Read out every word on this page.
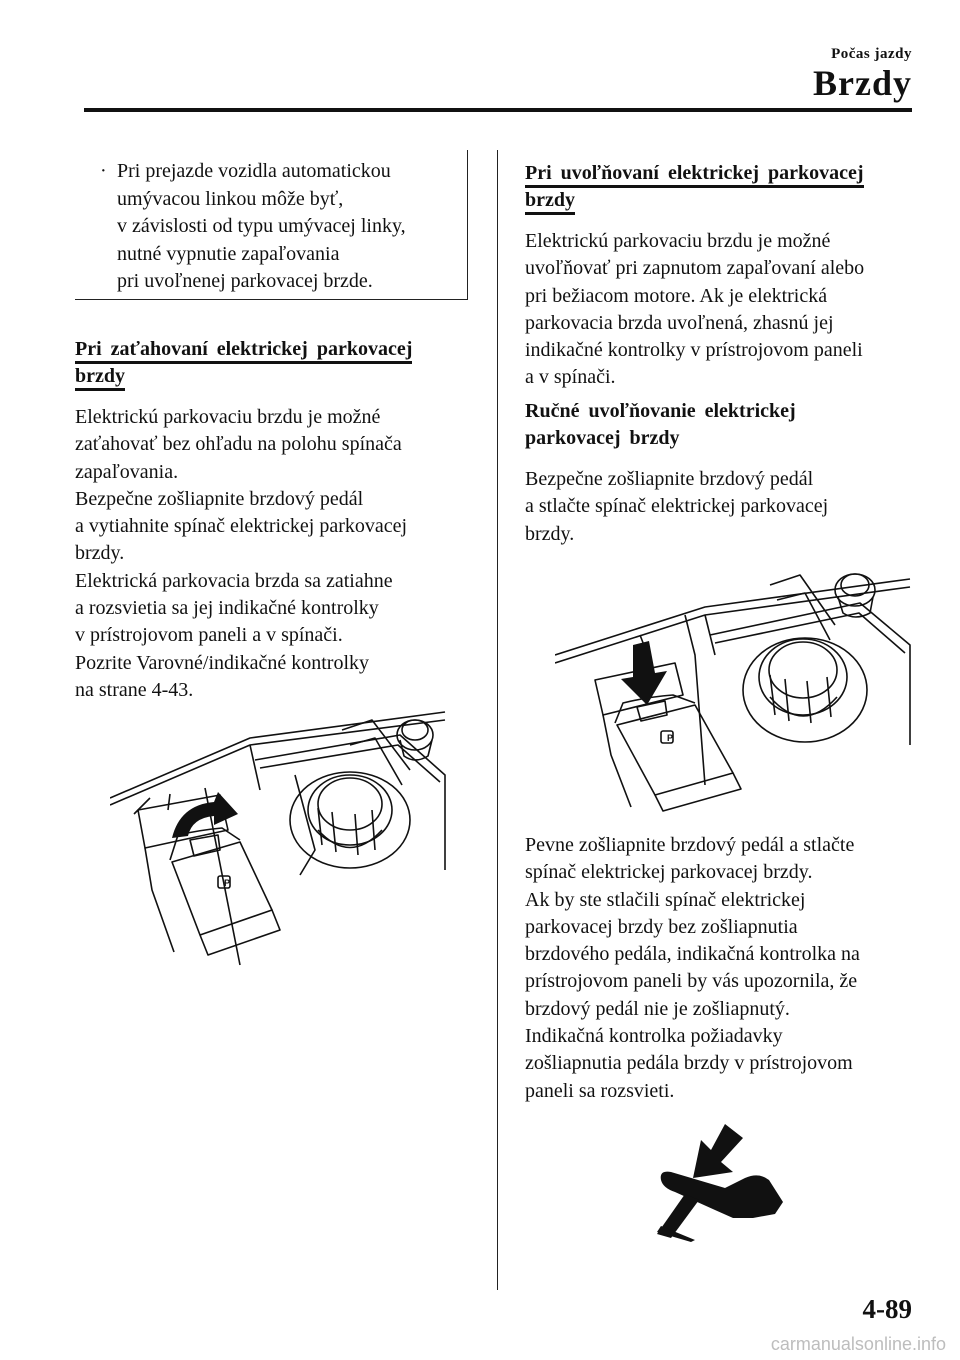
Počas jazdy
Brzdy
· Pri prejazde vozidla automatickou
umývacou linkou môže byť,
v závislosti od typu umývacej linky,
nutné vypnutie zapaľovania
pri uvoľnenej parkovacej brzde.

Pri zaťahovaní elektrickej parkovacej
brzdy

Elektrickú parkovaciu brzdu je možné
zaťahovať bez ohľadu na polohu spínača
zapaľovania.
Bezpečne zošliapnite brzdový pedál
a vytiahnite spínač elektrickej parkovacej
brzdy.
Elektrická parkovacia brzda sa zatiahne
a rozsvietia sa jej indikačné kontrolky
v prístrojovom paneli a v spínači.
Pozrite Varovné/indikačné kontrolky
na strane 4-43.

P

Pri uvoľňovaní elektrickej parkovacej
brzdy

Elektrickú parkovaciu brzdu je možné
uvoľňovať pri zapnutom zapaľovaní alebo
pri bežiacom motore. Ak je elektrická
parkovacia brzda uvoľnená, zhasnú jej
indikačné kontrolky v prístrojovom paneli
a v spínači.

Ručné uvoľňovanie elektrickej
parkovacej brzdy

Bezpečne zošliapnite brzdový pedál
a stlačte spínač elektrickej parkovacej
brzdy.

P

Pevne zošliapnite brzdový pedál a stlačte
spínač elektrickej parkovacej brzdy.
Ak by ste stlačili spínač elektrickej
parkovacej brzdy bez zošliapnutia
brzdového pedála, indikačná kontrolka na
prístrojovom paneli by vás upozornila, že
brzdový pedál nie je zošliapnutý.
Indikačná kontrolka požiadavky
zošliapnutia pedála brzdy v prístrojovom
paneli sa rozsvieti.

4-89
carmanualsonline.info
